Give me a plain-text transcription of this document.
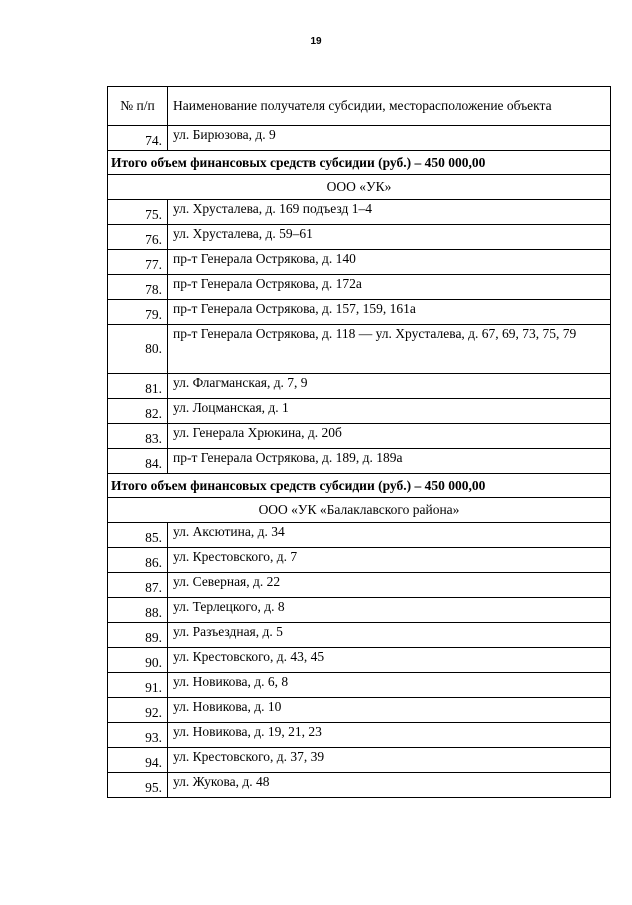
19
№ п/п	Наименование получателя субсидии, месторасположение объекта
74.	ул. Бирюзова, д. 9
Итого объем финансовых средств субсидии (руб.) – 450 000,00	
ООО «УК»	
75.	ул. Хрусталева, д. 169 подъезд 1–4
76.	ул. Хрусталева, д. 59–61
77.	пр-т Генерала Острякова, д. 140
78.	пр-т Генерала Острякова, д. 172а
79.	пр-т Генерала Острякова, д. 157, 159, 161а
80.	пр-т Генерала Острякова, д. 118 — ул. Хрусталева, д. 67, 69, 73, 75, 79
81.	ул. Флагманская, д. 7, 9
82.	ул. Лоцманская, д. 1
83.	ул. Генерала Хрюкина, д. 20б
84.	пр-т Генерала Острякова, д. 189, д. 189а
Итого объем финансовых средств субсидии (руб.) – 450 000,00	
ООО «УК «Балаклавского района»	
85.	ул. Аксютина, д. 34
86.	ул. Крестовского, д. 7
87.	ул. Северная, д. 22
88.	ул. Терлецкого, д. 8
89.	ул. Разъездная, д. 5
90.	ул. Крестовского, д. 43, 45
91.	ул. Новикова, д. 6, 8
92.	ул. Новикова, д. 10
93.	ул. Новикова, д. 19, 21, 23
94.	ул. Крестовского, д. 37, 39
95.	ул. Жукова, д. 48
